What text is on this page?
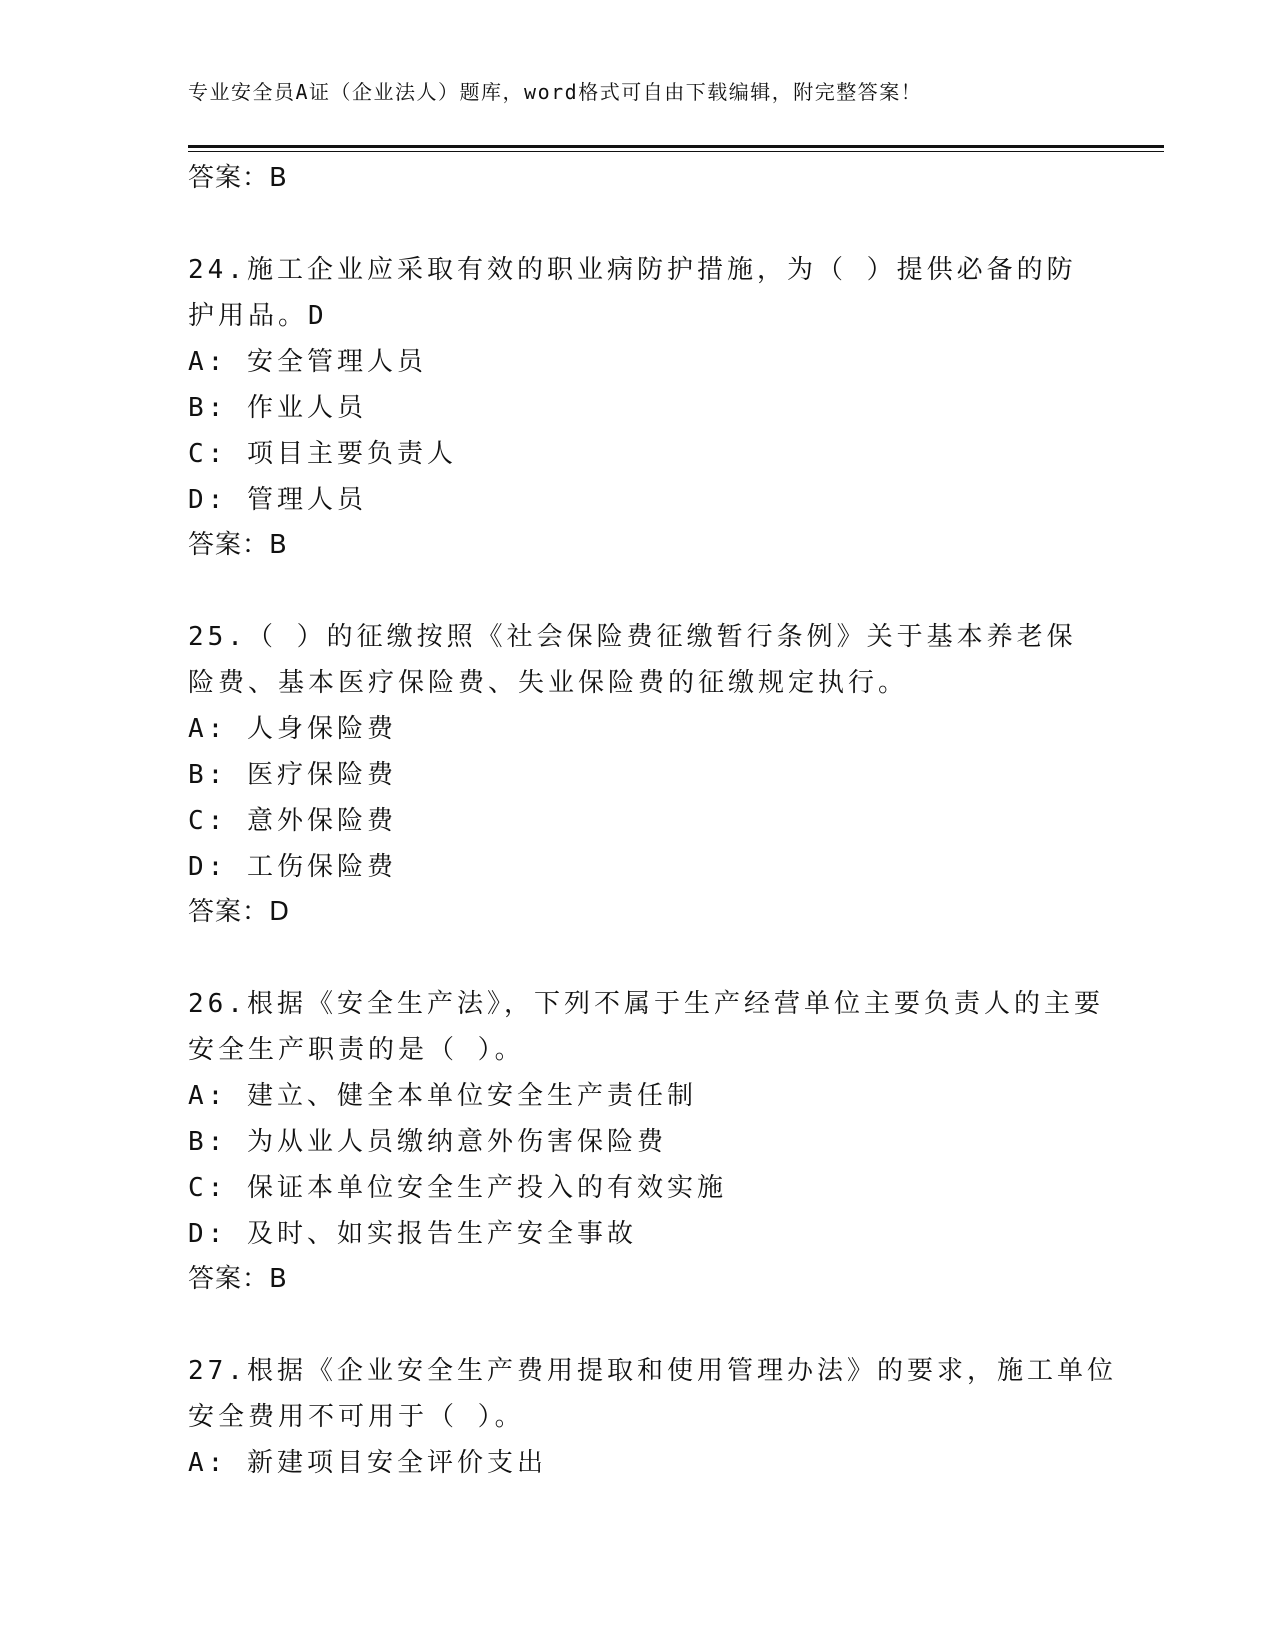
专业安全员A证（企业法人）题库，word格式可自由下载编辑，附完整答案！
答案：B
24.施工企业应采取有效的职业病防护措施，为（ ）提供必备的防
护用品。D
A: 安全管理人员
B: 作业人员
C: 项目主要负责人
D: 管理人员
答案：B
25.（ ）的征缴按照《社会保险费征缴暂行条例》关于基本养老保
险费、基本医疗保险费、失业保险费的征缴规定执行。
A: 人身保险费
B: 医疗保险费
C: 意外保险费
D: 工伤保险费
答案：D
26.根据《安全生产法》，下列不属于生产经营单位主要负责人的主要
安全生产职责的是（ ）。
A: 建立、健全本单位安全生产责任制
B: 为从业人员缴纳意外伤害保险费
C: 保证本单位安全生产投入的有效实施
D: 及时、如实报告生产安全事故
答案：B
27.根据《企业安全生产费用提取和使用管理办法》的要求，施工单位
安全费用不可用于（ ）。
A: 新建项目安全评价支出
